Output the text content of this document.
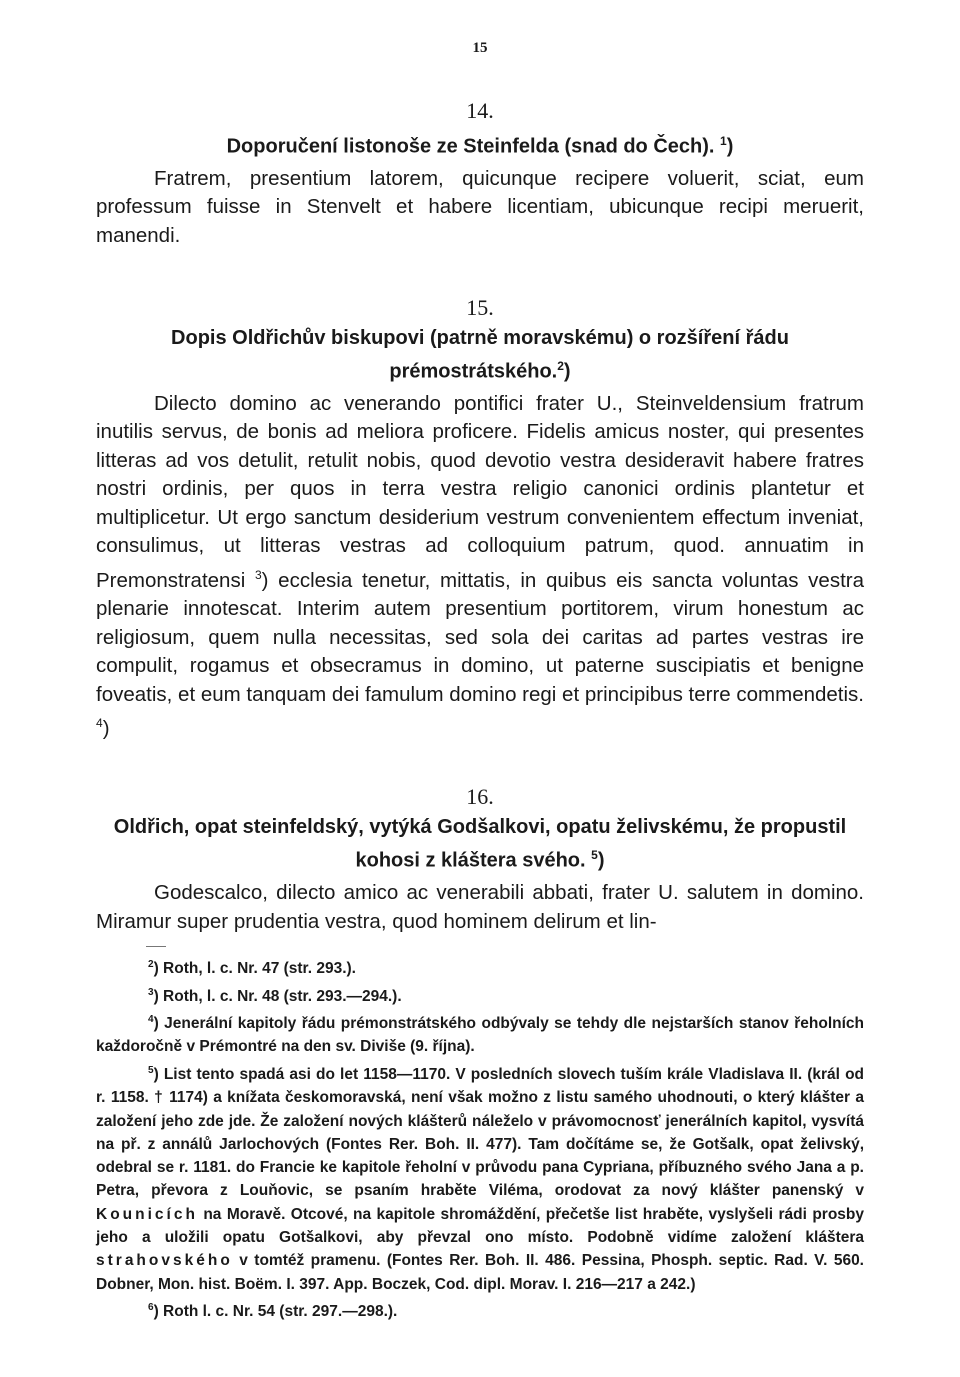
15

14.

Doporučení listonoše ze Steinfelda (snad do Čech). $^1$)

Fratrem, presentium latorem, quicunque recipere voluerit, sciat, eum professum fuisse in Stenvelt et habere licentiam, ubicunque recipi meruerit, manendi.

15.

Dopis Oldřichův biskupovi (patrně moravskému) o rozšíření řádu prémostrátského.$^2$)

Dilecto domino ac venerando pontifici frater U., Steinveldensium fratrum inutilis servus, de bonis ad meliora proficere. Fidelis amicus noster, qui presentes litteras ad vos detulit, retulit nobis, quod devotio vestra desideravit habere fratres nostri ordinis, per quos in terra vestra religio canonici ordinis plantetur et multiplicetur. Ut ergo sanctum desiderium vestrum convenientem effectum inveniat, consulimus, ut litteras vestras ad colloquium patrum, quod. annuatim in Premonstratensi $^3$) ecclesia tenetur, mittatis, in quibus eis sancta voluntas vestra plenarie innotescat. Interim autem presentium portitorem, virum honestum ac religiosum, quem nulla necessitas, sed sola dei caritas ad partes vestras ire compulit, rogamus et obsecramus in domino, ut paterne suscipiatis et benigne foveatis, et eum tanquam dei famulum domino regi et principibus terre commendetis. $^4$)

16.

Oldřich, opat steinfeldský, vytýká Godšalkovi, opatu želivskému, že propustil kohosi z kláštera svého. $^5$)

Godescalco, dilecto amico ac venerabili abbati, frater U. salutem in domino. Miramur super prudentia vestra, quod hominem delirum et lin-

$^2$) Roth, l. c. Nr. 47 (str. 293.).

$^3$) Roth, l. c. Nr. 48 (str. 293.—294.).

$^4$) Jenerální kapitoly řádu prémonstrátského odbývaly se tehdy dle nejstarších stanov řeholních každoročně v Prémontré na den sv. Diviše (9. října).

$^5$) List tento spadá asi do let 1158—1170. V posledních slovech tuším krále Vladislava II. (král od r. 1158. † 1174) a knížata českomoravská, není však možno z listu samého uhodnouti, o který klášter a založení jeho zde jde. Že založení nových klášterů náleželo v právomocnosť jenerálních kapitol, vysvítá na př. z annálů Jarlochových (Fontes Rer. Boh. II. 477). Tam dočítáme se, že Gotšalk, opat želivský, odebral se r. 1181. do Francie ke kapitole řeholní v průvodu pana Cypriana, příbuzného svého Jana a p. Petra, převora z Louňovic, se psaním hraběte Viléma, orodovat za nový klášter panenský v Kounicích na Moravě. Otcové, na kapitole shromáždění, přečetše list hraběte, vyslyšeli rádi prosby jeho a uložili opatu Gotšalkovi, aby převzal ono místo. Podobně vidíme založení kláštera strahovského v tomtéž pramenu. (Fontes Rer. Boh. II. 486. Pessina, Phosph. septic. Rad. V. 560. Dobner, Mon. hist. Boëm. I. 397. App. Boczek, Cod. dipl. Morav. I. 216—217 a 242.)

$^6$) Roth l. c. Nr. 54 (str. 297.—298.).
